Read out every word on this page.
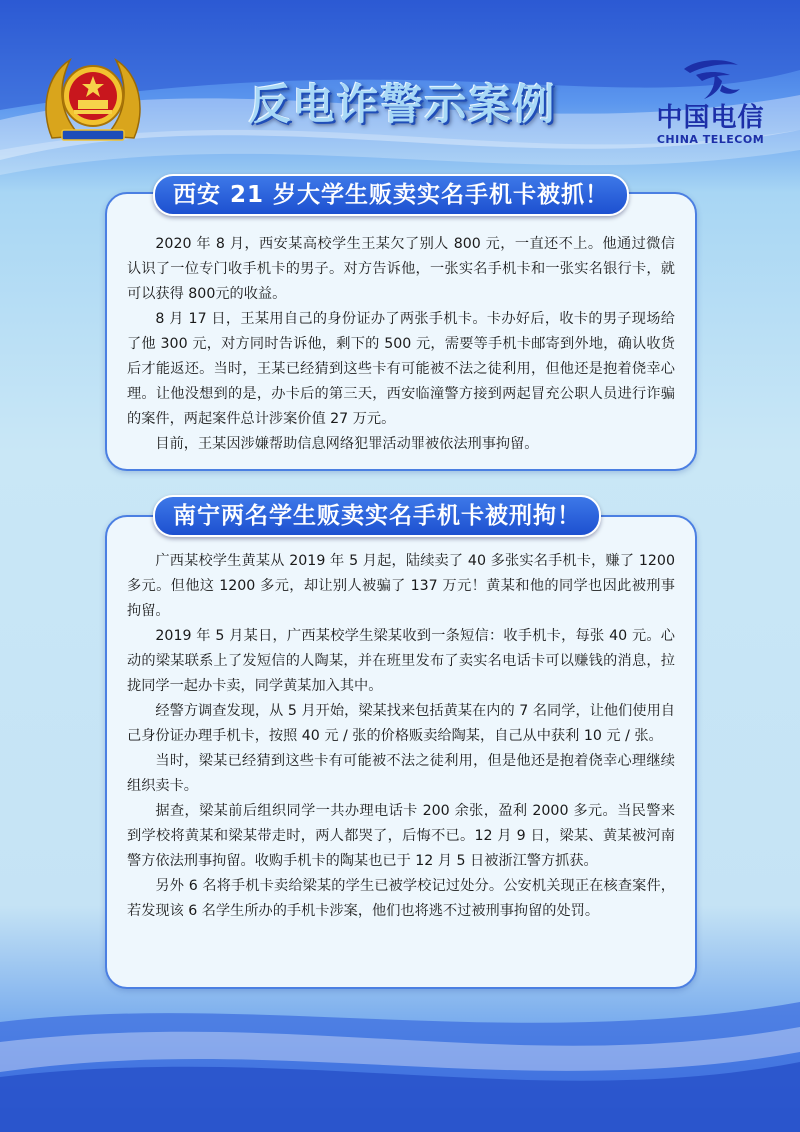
反电诈警示案例	中国电信
CHINA TELECOM
西安 21 岁大学生贩卖实名手机卡被抓！

2020 年 8 月，西安某高校学生王某欠了别人 800 元，一直还不上。他通过微信认识了一位专门收手机卡的男子。对方告诉他，一张实名手机卡和一张实名银行卡，就可以获得 800元的收益。

8 月 17 日，王某用自己的身份证办了两张手机卡。卡办好后，收卡的男子现场给了他 300 元，对方同时告诉他，剩下的 500 元，需要等手机卡邮寄到外地，确认收货后才能返还。当时，王某已经猜到这些卡有可能被不法之徒利用，但他还是抱着侥幸心理。让他没想到的是，办卡后的第三天，西安临潼警方接到两起冒充公职人员进行诈骗的案件，两起案件总计涉案价值 27 万元。

目前，王某因涉嫌帮助信息网络犯罪活动罪被依法刑事拘留。

南宁两名学生贩卖实名手机卡被刑拘！

广西某校学生黄某从 2019 年 5 月起，陆续卖了 40 多张实名手机卡，赚了 1200 多元。但他这 1200 多元，却让别人被骗了 137 万元！黄某和他的同学也因此被刑事拘留。

2019 年 5 月某日，广西某校学生梁某收到一条短信：收手机卡，每张 40 元。心动的梁某联系上了发短信的人陶某，并在班里发布了卖实名电话卡可以赚钱的消息，拉拢同学一起办卡卖，同学黄某加入其中。

经警方调查发现，从 5 月开始，梁某找来包括黄某在内的 7 名同学，让他们使用自己身份证办理手机卡，按照 40 元 / 张的价格贩卖给陶某，自己从中获利 10 元 / 张。

当时，梁某已经猜到这些卡有可能被不法之徒利用，但是他还是抱着侥幸心理继续组织卖卡。

据查，梁某前后组织同学一共办理电话卡 200 余张，盈利 2000 多元。当民警来到学校将黄某和梁某带走时，两人都哭了，后悔不已。12 月 9 日，梁某、黄某被河南警方依法刑事拘留。收购手机卡的陶某也已于 12 月 5 日被浙江警方抓获。

另外 6 名将手机卡卖给梁某的学生已被学校记过处分。公安机关现正在核查案件，若发现该 6 名学生所办的手机卡涉案，他们也将逃不过被刑事拘留的处罚。
